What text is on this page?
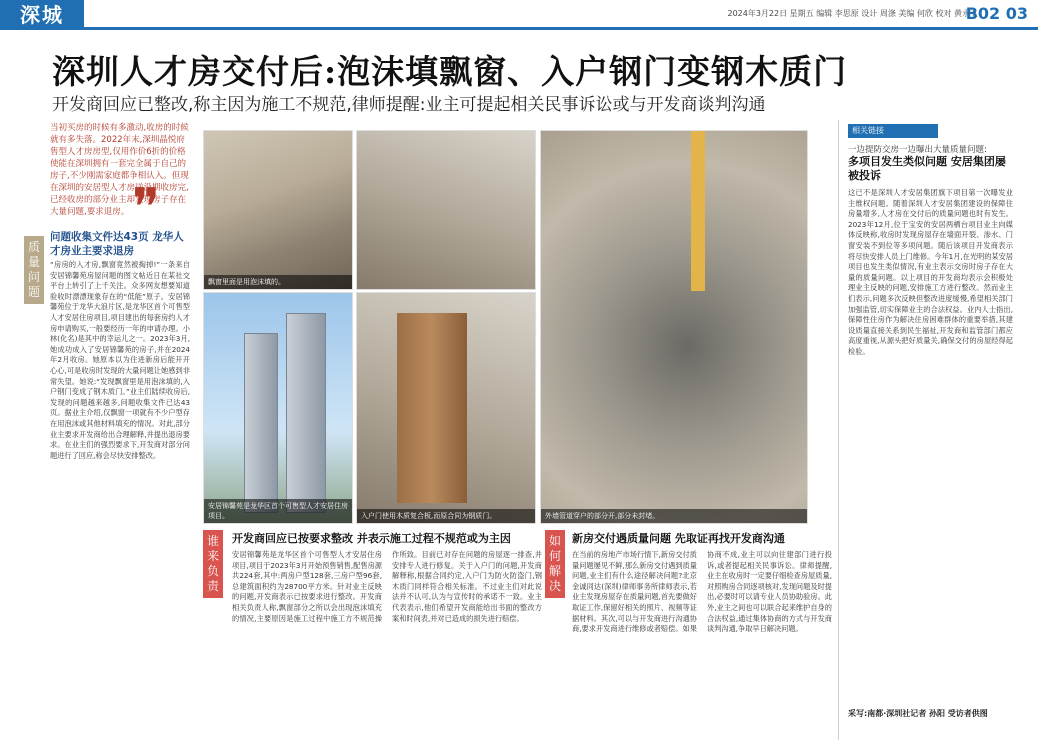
深城	2024年3月22日 星期五 编辑 李思原 设计 周涤 美编 何欣 校对 黄永义
B02 03
深圳人才房交付后:泡沫填飘窗、入户钢门变钢木质门
开发商回应已整改,称主因为施工不规范,律师提醒:业主可提起相关民事诉讼或与开发商谈判沟通
当初买房的时候有多激动,收房的时候就有多失落。2022年末,深圳晶悦府售型人才房房型,仅用作价6折的价格使能在深圳拥有一套完全属于自己的房子,不少刚需家庭都争相认入。但现在深圳的安居型人才房送没期收房完,已经收房的部分业主却发现房子存在大量问题,要求退房。 ❞
质量问题
问题收集文件达43页 龙华人才房业主要求退房
“房房的入才房,飘窗竟然被掏掉!”一条来自安居锦馨苑房屋问题的图文帖近日在某社交平台上转引了上千关注。众多网友想要知道验收时漂漂现象存在的“低能”原子。安居锦馨苑位于龙华大浪片区,是龙华区首个可售型人才安居住房项目,项目建出的每套房约人才房申请购买,一般要经历一年的申请办理。小林(化名)是其中的幸运儿之一。2023年3月,她成功成入了安居锦馨苑的房子,并在2024年2月收房。她原本以为住进新房后能开开心心,可是收房时发现的大量问题让她感到非常失望。她说:“发现飘窗里是用泡沫填的,入户钢门变成了钢木质门。”业主们陆续收房后,发现的问题越来越多,问题收集文件已达43页。据业主介绍,仅飘窗一项就有不少户型存在用泡沫或其他材料填充的情况。对此,部分业主要求开发商给出合理解释,并提出退房要求。在业主们的强烈要求下,开发商对部分问题进行了回应,称会尽快安排整改。
飘窗里面是用泡沫填的。
安居锦馨苑是龙华区首个可售型人才安居住房项目。	入户门使用木质复合板,而原合同为钢质门。	外墙管道穿户的部分开,部分未封堵。
谁来负责
开发商回应已按要求整改 并表示施工过程不规范或为主因
安居锦馨苑是龙华区首个可售型人才安居住房项目,项目于2023年3月开始预售销售,配售房源共224套,其中:两房户型128套,三房户型96套,总建筑面积约为28700平方米。针对业主反映的问题,开发商表示已按要求进行整改。开发商相关负责人称,飘窗部分之所以会出现泡沫填充的情况,主要原因是施工过程中施工方不规范操作所致。目前已对存在问题的房屋逐一排查,并安排专人进行修复。关于入户门的问题,开发商解释称,根据合同约定,入户门为防火防盗门,钢木质门同样符合相关标准。不过业主们对此说法并不认可,认为与宣传时的承诺不一致。业主代表表示,他们希望开发商能给出书面的整改方案和时间表,并对已造成的损失进行赔偿。
如何解决
新房交付遇质量问题 先取证再找开发商沟通
在当前的房地产市场行情下,新房交付质量问题屡见不鲜,那么新房交付遇到质量问题,业主们有什么途径解决问题?北京金诚同达(深圳)律师事务所律师表示,若业主发现房屋存在质量问题,首先要做好取证工作,保留好相关的照片、视频等证据材料。其次,可以与开发商进行沟通协商,要求开发商进行维修或者赔偿。如果协商不成,业主可以向住建部门进行投诉,或者提起相关民事诉讼。律师提醒,业主在收房时一定要仔细检查房屋质量,对照购房合同逐项核对,发现问题及时提出,必要时可以请专业人员协助验房。此外,业主之间也可以联合起来维护自身的合法权益,通过集体协商的方式与开发商谈判沟通,争取早日解决问题。
相关链接
一边提防交房一边曝出大量质量问题:
多项目发生类似问题 安居集团屡被投诉
这已不是深圳人才安居集团旗下项目第一次曝发业主维权问题。随着深圳人才安居集团建设的保障住房量增多,人才房在交付后的质量问题也时有发生。2023年12月,位于宝安的安居两栖台项目业主向媒体反映称,收房时发现房屋存在墙面开裂、渗水、门窗安装不到位等多项问题。随后该项目开发商表示将尽快安排人员上门维修。今年1月,在光明的某安居项目也发生类似情况,有业主表示交房时房子存在大量的质量问题。以上项目的开发商均表示会积极处理业主反映的问题,安排施工方进行整改。然而业主们表示,问题多次反映但整改进度缓慢,希望相关部门加强监管,切实保障业主的合法权益。业内人士指出,保障性住房作为解决住房困难群体的重要举措,其建设质量直接关系到民生福祉,开发商和监管部门都应高度重视,从源头把好质量关,确保交付的房屋经得起检验。
采写:南都·深圳社记者 孙阳 受访者供图
